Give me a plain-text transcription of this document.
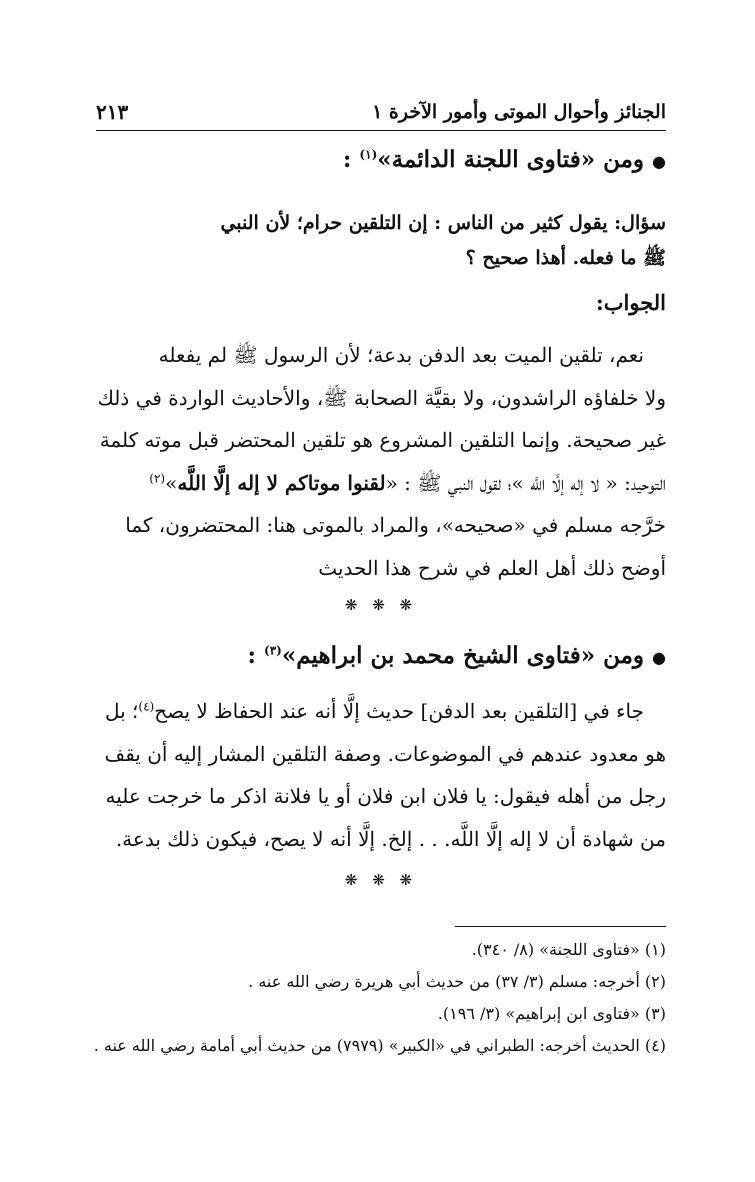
الجنائز وأحوال الموتى وأمور الآخرة ١
٢١٣
●ومن «فتاوى اللجنة الدائمة»$^{(١)}$ :
سؤال: يقول كثير من الناس : إن التلقين حرام؛ لأن النبي
ﷺ ما فعله. أهذا صحيح ؟
الجواب:
نعم، تلقين الميت بعد الدفن بدعة؛ لأن الرسول ﷺ لم يفعله
ولا خلفاؤه الراشدون، ولا بقيَّة الصحابة ﷺ، والأحاديث الواردة في ذلك
غير صحيحة. وإنما التلقين المشروع هو تلقين المحتضر قبل موته كلمة
التوحيد: « لا إله إلَّا اللَّه »؛ لقول النبي ﷺ : «لقنوا موتاكم لا إله إلَّا اللَّه»$^{(٢)}$
خرَّجه مسلم في «صحيحه»، والمراد بالموتى هنا: المحتضرون، كما
أوضح ذلك أهل العلم في شرح هذا الحديث
❋ ❋ ❋
●ومن «فتاوى الشيخ محمد بن ابراهيم»$^{(٣)}$ :
جاء في [التلقين بعد الدفن] حديث إلَّا أنه عند الحفاظ لا يصح$^{(٤)}$؛ بل
هو معدود عندهم في الموضوعات. وصفة التلقين المشار إليه أن يقف
رجل من أهله فيقول: يا فلان ابن فلان أو يا فلانة اذكر ما خرجت عليه
من شهادة أن لا إله إلَّا اللَّه. . . إلخ. إلَّا أنه لا يصح، فيكون ذلك بدعة.
❋ ❋ ❋
(١) «فتاوى اللجنة» (٨/ ٣٤٠).
(٢) أخرجه: مسلم (٣/ ٣٧) من حديث أبي هريرة رضي الله عنه .
(٣) «فتاوى ابن إبراهيم» (٣/ ١٩٦).
(٤) الحديث أخرجه: الطبراني في «الكبير» (٧٩٧٩) من حديث أبي أمامة رضي الله عنه .
